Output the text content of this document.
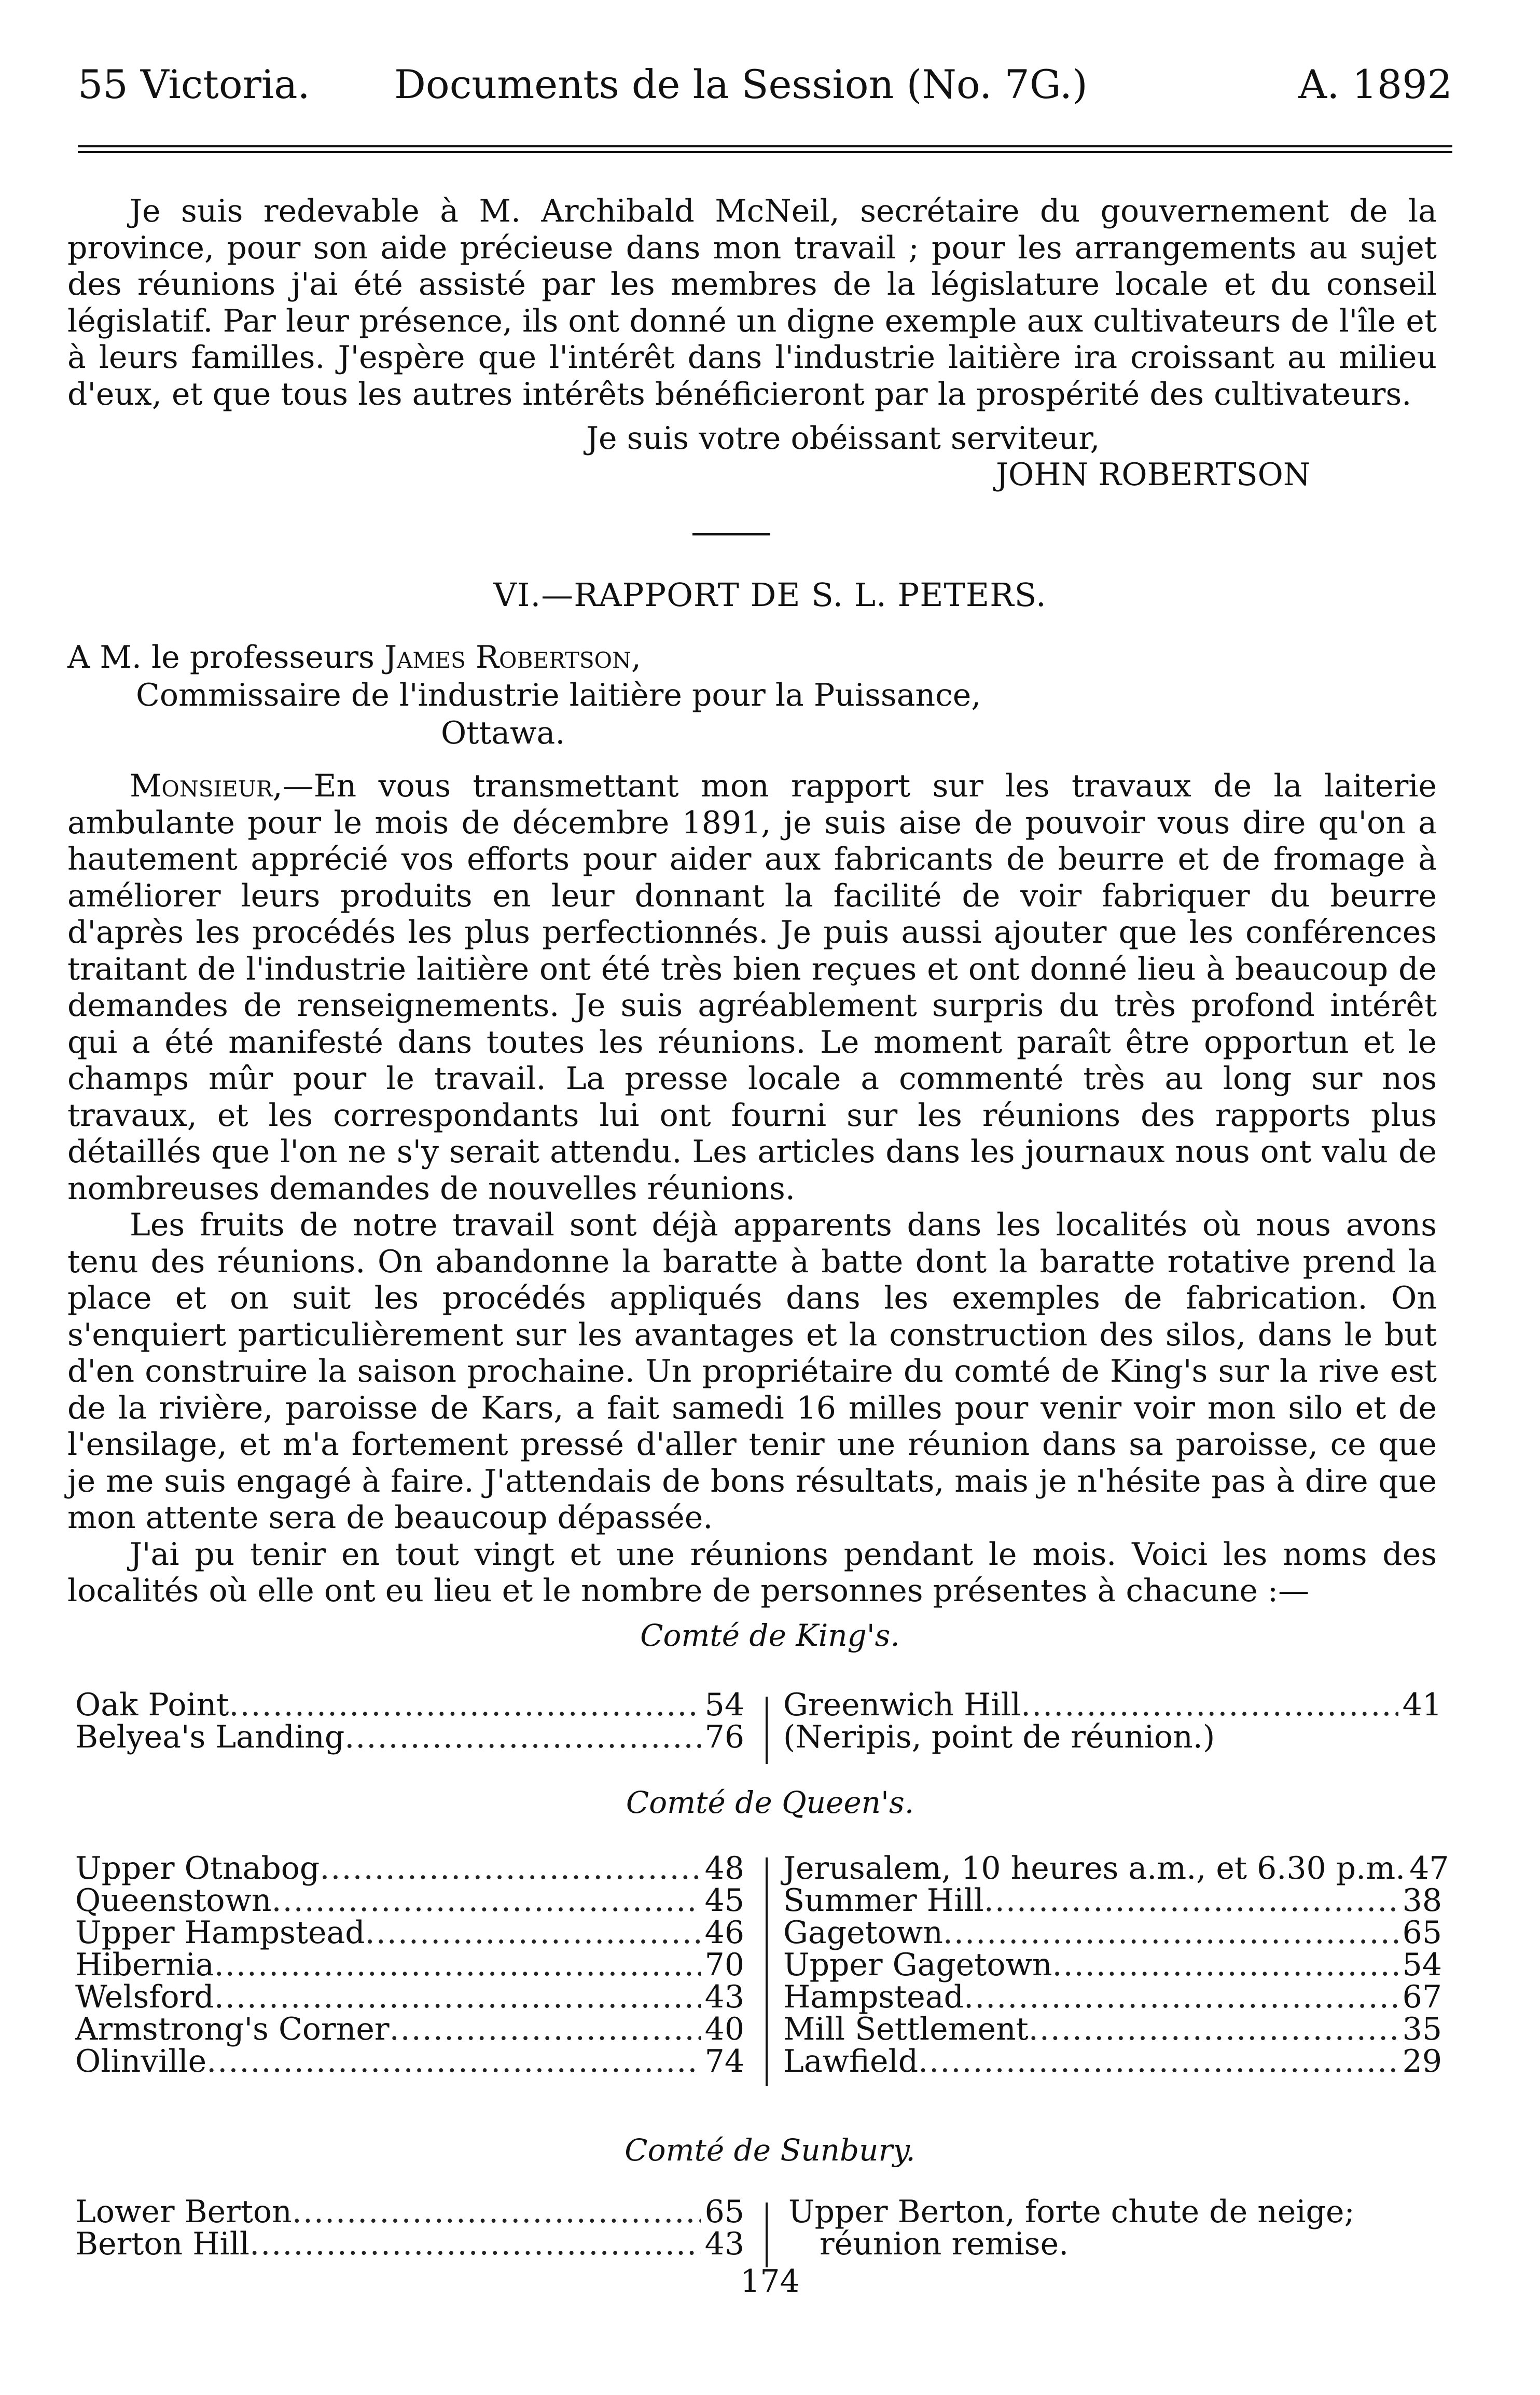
55 Victoria. Documents de la Session (No. 7G.)	A. 1892

Je suis redevable à M. Archibald McNeil, secrétaire du gouvernement de la province, pour son aide précieuse dans mon travail ; pour les arrangements au sujet des réunions j'ai été assisté par les membres de la législature locale et du conseil législatif. Par leur présence, ils ont donné un digne exemple aux cultivateurs de l'île et à leurs familles. J'espère que l'intérêt dans l'industrie laitière ira croissant au milieu d'eux, et que tous les autres intérêts bénéficieront par la prospérité des cultivateurs.

Je suis votre obéissant serviteur,
JOHN ROBERTSON
VI.—RAPPORT DE S. L. PETERS.
A M. le professeurs James Robertson,
Commissaire de l'industrie laitière pour la Puissance,
Ottawa.

Monsieur,—En vous transmettant mon rapport sur les travaux de la laiterie ambulante pour le mois de décembre 1891, je suis aise de pouvoir vous dire qu'on a hautement apprécié vos efforts pour aider aux fabricants de beurre et de fromage à améliorer leurs produits en leur donnant la facilité de voir fabriquer du beurre d'après les procédés les plus perfectionnés. Je puis aussi ajouter que les conférences traitant de l'industrie laitière ont été très bien reçues et ont donné lieu à beaucoup de demandes de renseignements. Je suis agréablement surpris du très profond intérêt qui a été manifesté dans toutes les réunions. Le moment paraît être opportun et le champs mûr pour le travail. La presse locale a commenté très au long sur nos travaux, et les correspondants lui ont fourni sur les réunions des rapports plus détaillés que l'on ne s'y serait attendu. Les articles dans les journaux nous ont valu de nombreuses demandes de nouvelles réunions.

Les fruits de notre travail sont déjà apparents dans les localités où nous avons tenu des réunions. On abandonne la baratte à batte dont la baratte rotative prend la place et on suit les procédés appliqués dans les exemples de fabrication. On s'enquiert particulièrement sur les avantages et la construction des silos, dans le but d'en construire la saison prochaine. Un propriétaire du comté de King's sur la rive est de la rivière, paroisse de Kars, a fait samedi 16 milles pour venir voir mon silo et de l'ensilage, et m'a fortement pressé d'aller tenir une réunion dans sa paroisse, ce que je me suis engagé à faire. J'attendais de bons résultats, mais je n'hésite pas à dire que mon attente sera de beaucoup dépassée.

J'ai pu tenir en tout vingt et une réunions pendant le mois. Voici les noms des localités où elle ont eu lieu et le nombre de personnes présentes à chacune :—

Comté de King's.
Oak Point .....	54
Belyea's Landing .....	76
Greenwich Hill .....	41
(Neripis, point de réunion.)
Comté de Queen's.
Upper Otnabog .....	48
Queenstown .....	45
Upper Hampstead .....	46
Hibernia .....	70
Welsford .....	43
Armstrong's Corner .....	40
Olinville .....	74
Jerusalem, 10 heures a.m., et 6.30 p.m. 47
Summer Hill .....	38
Gagetown .....	65
Upper Gagetown .....	54
Hampstead .....	67
Mill Settlement .....	35
Lawfield .....	29
Comté de Sunbury.
Lower Berton .....	65
Berton Hill .....	43
Upper Berton, forte chute de neige;
réunion remise.
174
